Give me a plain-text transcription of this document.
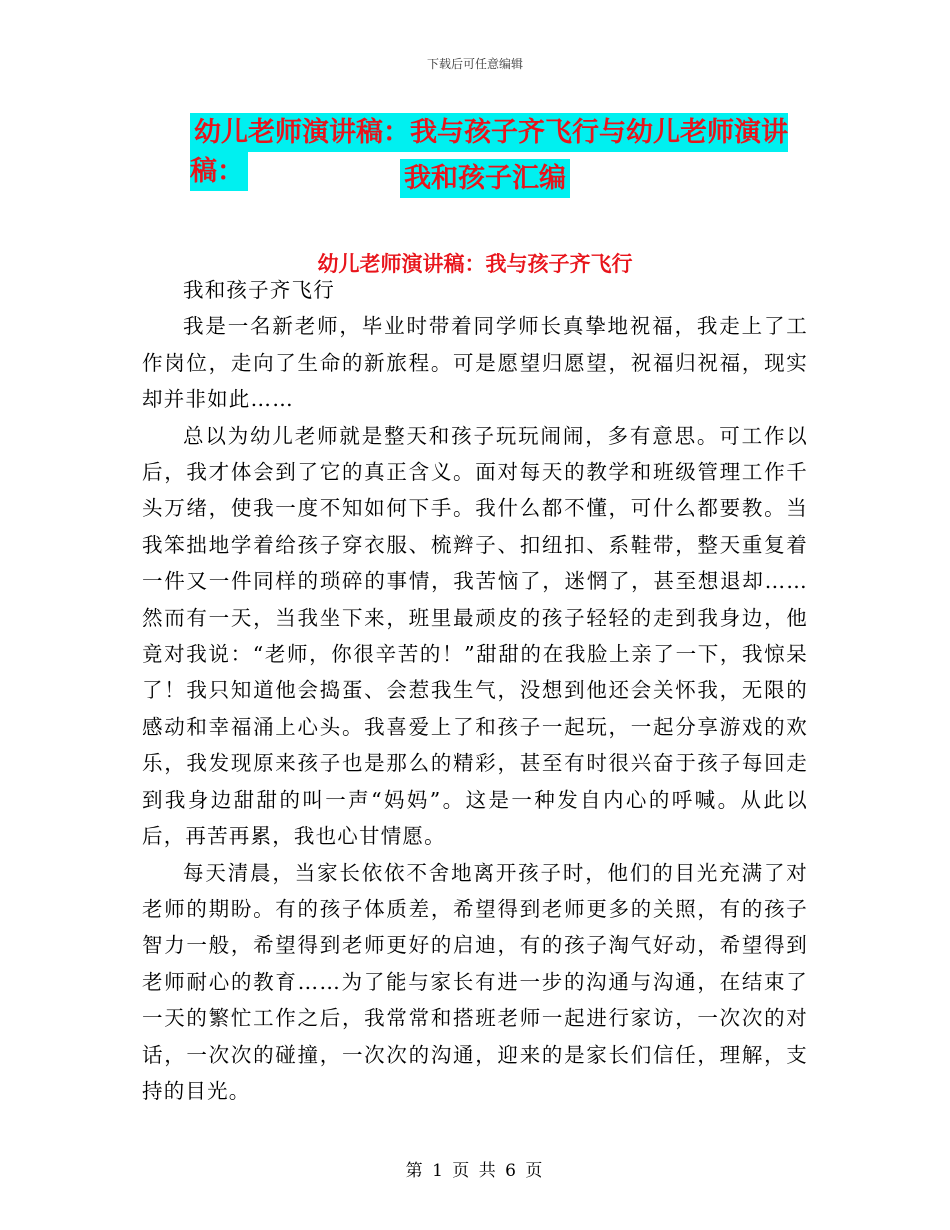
下载后可任意编辑
幼儿老师演讲稿：我与孩子齐飞行与幼儿老师演讲稿：	我和孩子汇编
幼儿老师演讲稿：我与孩子齐飞行

我和孩子齐飞行

我是一名新老师，毕业时带着同学师长真挚地祝福，我走上了工作岗位，走向了生命的新旅程。可是愿望归愿望，祝福归祝福，现实却并非如此……

总以为幼儿老师就是整天和孩子玩玩闹闹，多有意思。可工作以后，我才体会到了它的真正含义。面对每天的教学和班级管理工作千头万绪，使我一度不知如何下手。我什么都不懂，可什么都要教。当我笨拙地学着给孩子穿衣服、梳辫子、扣纽扣、系鞋带，整天重复着一件又一件同样的琐碎的事情，我苦恼了，迷惘了，甚至想退却……然而有一天，当我坐下来，班里最顽皮的孩子轻轻的走到我身边，他竟对我说：“老师，你很辛苦的！”甜甜的在我脸上亲了一下，我惊呆了！我只知道他会捣蛋、会惹我生气，没想到他还会关怀我，无限的感动和幸福涌上心头。我喜爱上了和孩子一起玩，一起分享游戏的欢乐，我发现原来孩子也是那么的精彩，甚至有时很兴奋于孩子每回走到我身边甜甜的叫一声“妈妈”。这是一种发自内心的呼喊。从此以后，再苦再累，我也心甘情愿。

每天清晨，当家长依依不舍地离开孩子时，他们的目光充满了对老师的期盼。有的孩子体质差，希望得到老师更多的关照，有的孩子智力一般，希望得到老师更好的启迪，有的孩子淘气好动，希望得到老师耐心的教育……为了能与家长有进一步的沟通与沟通，在结束了一天的繁忙工作之后，我常常和搭班老师一起进行家访，一次次的对话，一次次的碰撞，一次次的沟通，迎来的是家长们信任，理解，支持的目光。

第 1 页 共 6 页
